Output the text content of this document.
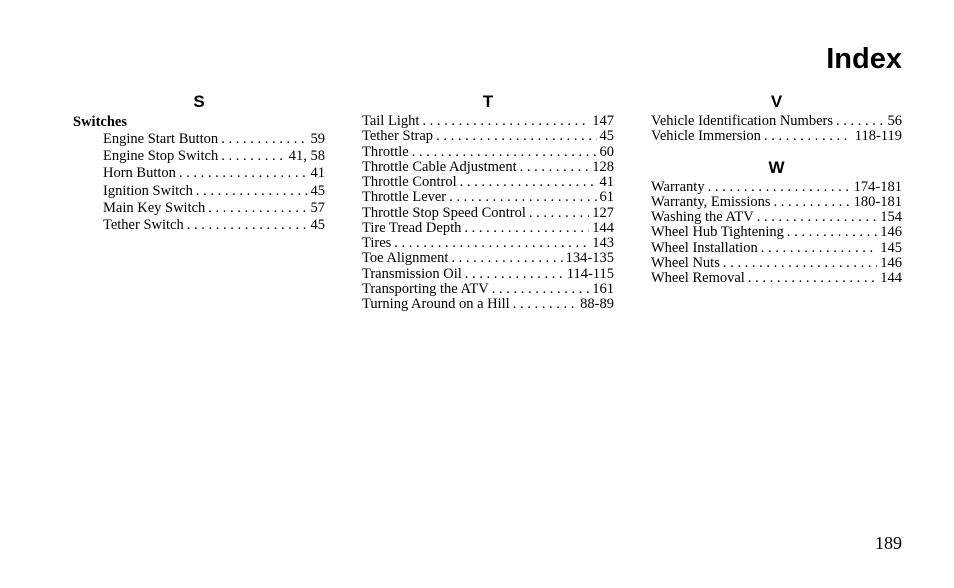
Index
S
Switches
Engine Start Button . . .	59
Engine Stop Switch . . .	41, 58
Horn Button . . .	41
Ignition Switch . . .	45
Main Key Switch . . .	57
Tether Switch . . .	45
T
Tail Light . . .	147
Tether Strap . . .	45
Throttle . . .	60
Throttle Cable Adjustment . . .	128
Throttle Control . . .	41
Throttle Lever . . .	61
Throttle Stop Speed Control . . .	127
Tire Tread Depth . . .	144
Tires . . .	143
Toe Alignment . . .	134-135
Transmission Oil . . .	114-115
Transporting the ATV . . .	161
Turning Around on a Hill . . .	88-89
V
Vehicle Identification Numbers . . .	56
Vehicle Immersion . . .	118-119
W
Warranty . . .	174-181
Warranty, Emissions . . .	180-181
Washing the ATV . . .	154
Wheel Hub Tightening . . .	146
Wheel Installation . . .	145
Wheel Nuts . . .	146
Wheel Removal . . .	144
189
